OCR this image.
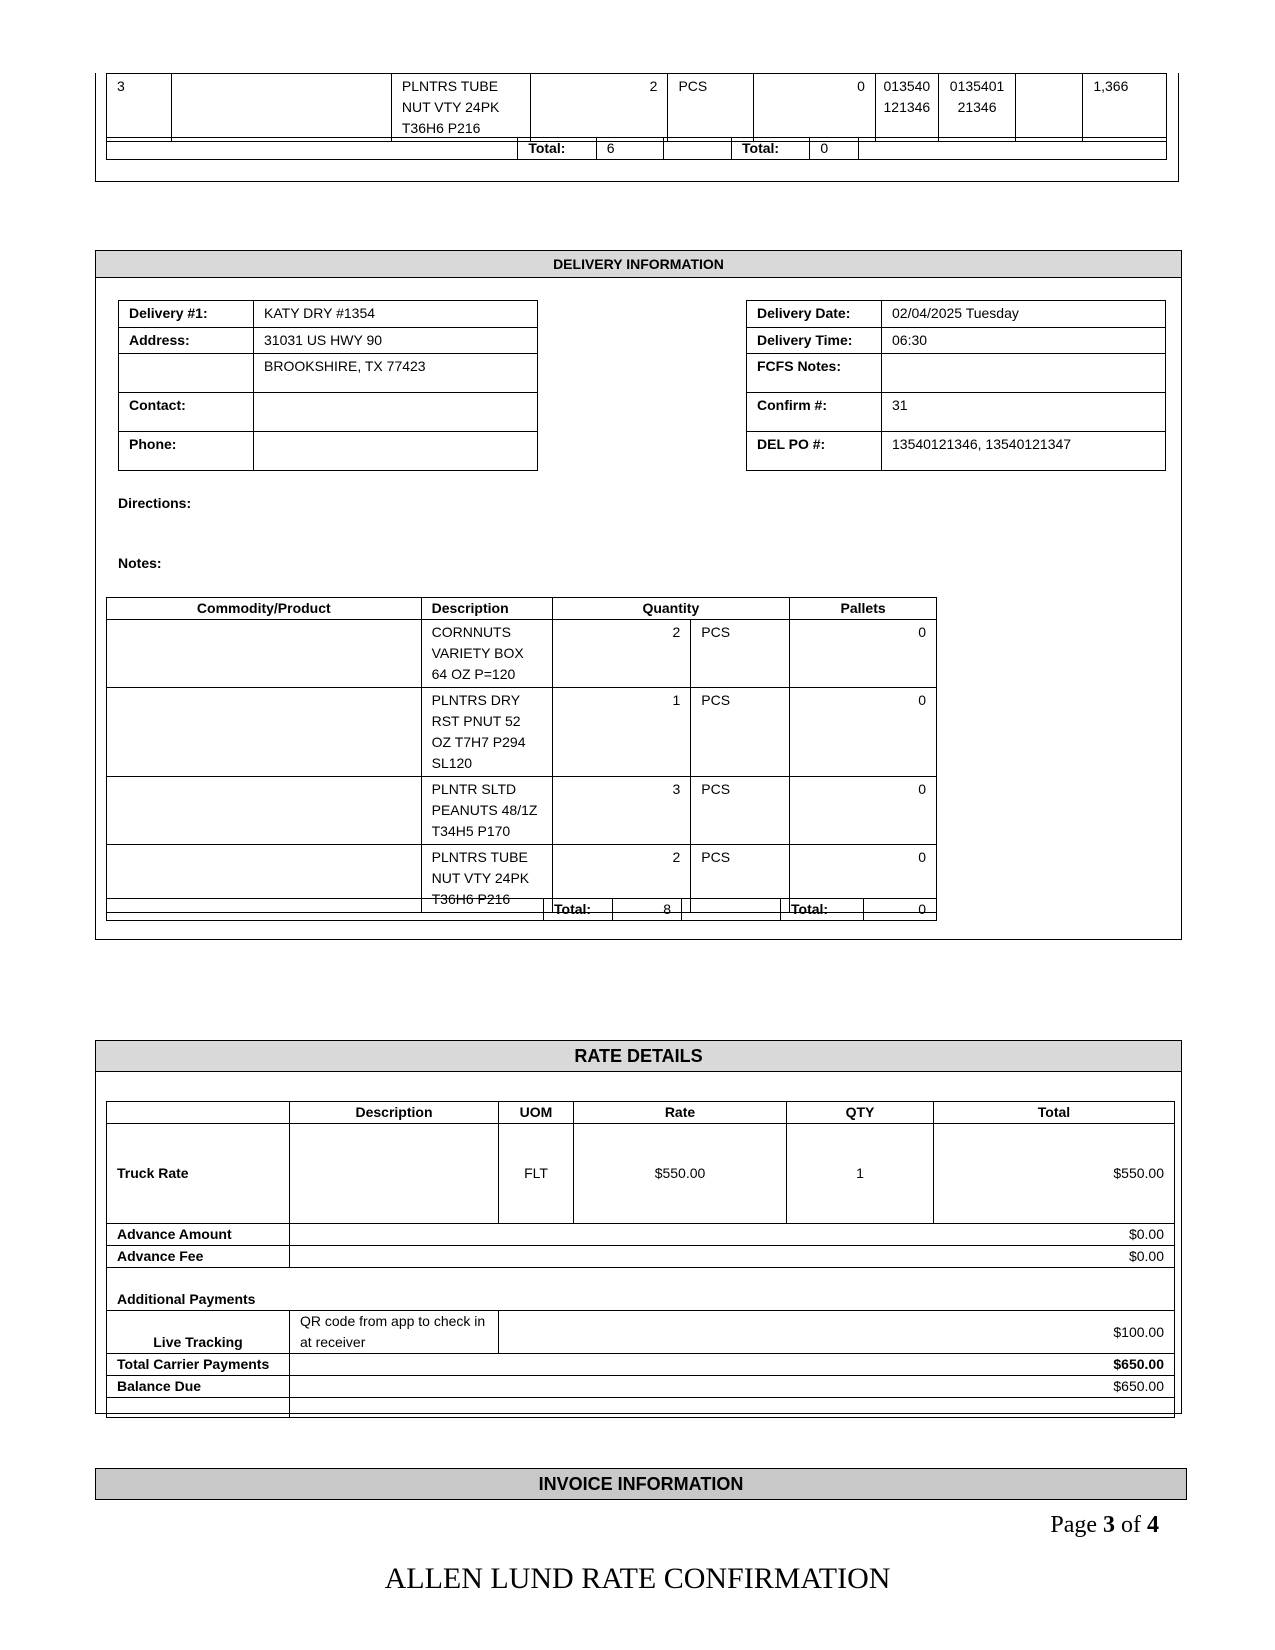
3		PLNTRS TUBE
NUT VTY 24PK
T36H6 P216	2	PCS	0	013540
121346	0135401
21346		1,366
	Total:	6		Total:	0	
DELIVERY INFORMATION
Delivery #1:	KATY DRY #1354
Address:	31031 US HWY 90
	BROOKSHIRE, TX 77423
Contact:	
Phone:	
Delivery Date:	02/04/2025 Tuesday
Delivery Time:	06:30
FCFS Notes:	
Confirm #:	31
DEL PO #:	13540121346, 13540121347
Directions:
Notes:
Commodity/Product	Description	Quantity		Pallets
	CORNNUTS
VARIETY BOX
64 OZ P=120	2	PCS	0
	PLNTRS DRY
RST PNUT 52
OZ T7H7 P294
SL120	1	PCS	0
	PLNTR SLTD
PEANUTS 48/1Z
T34H5 P170	3	PCS	0
	PLNTRS TUBE
NUT VTY 24PK
T36H6 P216	2	PCS	0
	Total:	8		Total:	0
RATE DETAILS
	Description	UOM	Rate	QTY	Total
Truck Rate		FLT	$550.00	1	$550.00
Advance Amount	$0.00				
Advance Fee	$0.00				
Additional Payments					
Live Tracking	QR code from app to check in at receiver	$100.00			
Total Carrier Payments	$650.00				
Balance Due	$650.00				

INVOICE INFORMATION
Page 3 of 4
ALLEN LUND RATE CONFIRMATION
